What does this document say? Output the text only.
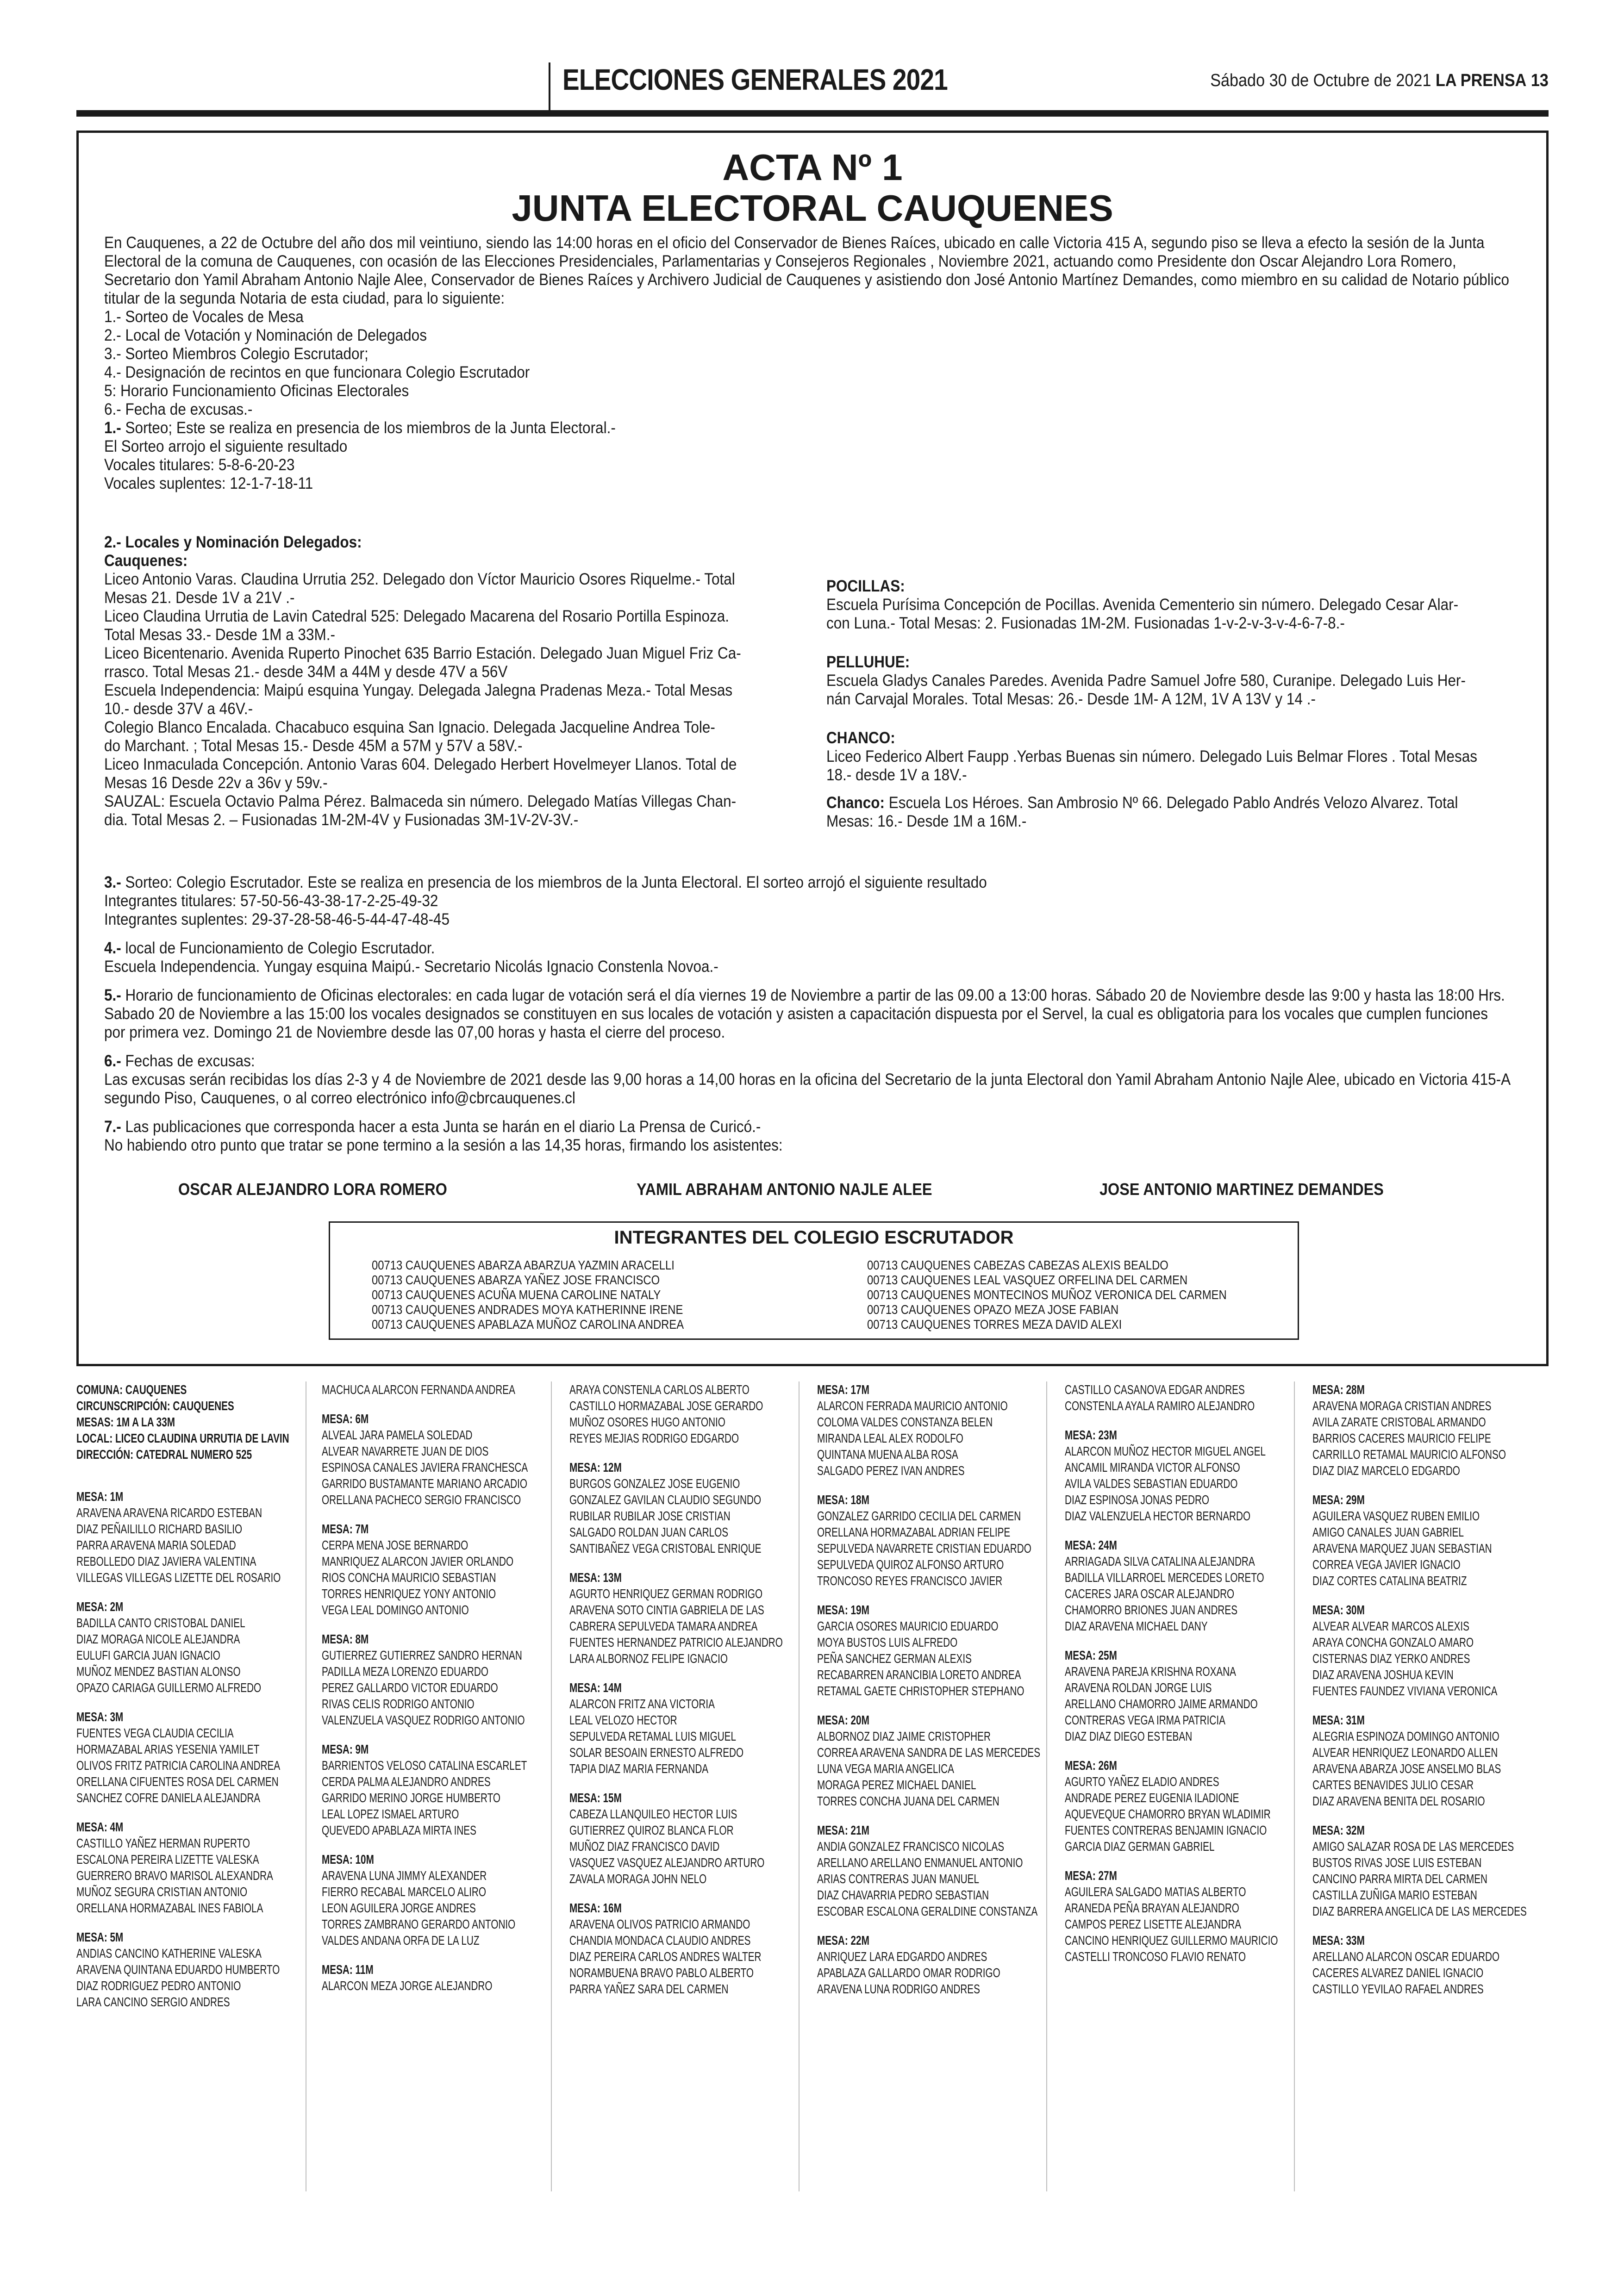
ELECCIONES GENERALES 2021	Sábado 30 de Octubre de 2021 LA PRENSA 13
ACTA Nº 1
JUNTA ELECTORAL CAUQUENES

En Cauquenes, a 22 de Octubre del año dos mil veintiuno, siendo las 14:00 horas en el oficio del Conservador de Bienes Raíces, ubicado en calle Victoria 415 A, segundo piso se lleva a efecto la sesión de la Junta Electoral de la comuna de Cauquenes, con ocasión de las Elecciones Presidenciales, Parlamentarias y Consejeros Regionales , Noviembre 2021, actuando como Presidente don Oscar Alejandro Lora Romero, Secretario don Yamil Abraham Antonio Najle Alee, Conservador de Bienes Raíces y Archivero Judicial de Cauquenes y asistiendo don José Antonio Martínez Demandes, como miembro en su calidad de Notario público titular de la segunda Notaria de esta ciudad, para lo siguiente:

1.- Sorteo de Vocales de Mesa

2.- Local de Votación y Nominación de Delegados

3.- Sorteo Miembros Colegio Escrutador;

4.- Designación de recintos en que funcionara Colegio Escrutador

5: Horario Funcionamiento Oficinas Electorales

6.- Fecha de excusas.-

1.- Sorteo; Este se realiza en presencia de los miembros de la Junta Electoral.-

El Sorteo arrojo el siguiente resultado

Vocales titulares: 5-8-6-20-23

Vocales suplentes: 12-1-7-18-11

2.- Locales y Nominación Delegados:

Cauquenes:

Liceo Antonio Varas. Claudina Urrutia 252. Delegado don Víctor Mauricio Osores Riquelme.- Total

Mesas 21. Desde 1V a 21V .-

Liceo Claudina Urrutia de Lavin Catedral 525: Delegado Macarena del Rosario Portilla Espinoza.

Total Mesas 33.- Desde 1M a 33M.-

Liceo Bicentenario. Avenida Ruperto Pinochet 635 Barrio Estación. Delegado Juan Miguel Friz Ca-

rrasco. Total Mesas 21.- desde 34M a 44M y desde 47V a 56V

Escuela Independencia: Maipú esquina Yungay. Delegada Jalegna Pradenas Meza.- Total Mesas

10.- desde 37V a 46V.-

Colegio Blanco Encalada. Chacabuco esquina San Ignacio. Delegada Jacqueline Andrea Tole-

do Marchant. ; Total Mesas 15.- Desde 45M a 57M y 57V a 58V.-

Liceo Inmaculada Concepción. Antonio Varas 604. Delegado Herbert Hovelmeyer Llanos. Total de

Mesas 16 Desde 22v a 36v y 59v.-

SAUZAL: Escuela Octavio Palma Pérez. Balmaceda sin número. Delegado Matías Villegas Chan-

dia. Total Mesas 2. – Fusionadas 1M-2M-4V y Fusionadas 3M-1V-2V-3V.-

POCILLAS:

Escuela Purísima Concepción de Pocillas. Avenida Cementerio sin número. Delegado Cesar Alar-

con Luna.- Total Mesas: 2. Fusionadas 1M-2M. Fusionadas 1-v-2-v-3-v-4-6-7-8.-

PELLUHUE:

Escuela Gladys Canales Paredes. Avenida Padre Samuel Jofre 580, Curanipe. Delegado Luis Her-

nán Carvajal Morales. Total Mesas: 26.- Desde 1M- A 12M, 1V A 13V y 14 .-

CHANCO:

Liceo Federico Albert Faupp .Yerbas Buenas sin número. Delegado Luis Belmar Flores . Total Mesas

18.- desde 1V a 18V.-

Chanco: Escuela Los Héroes. San Ambrosio Nº 66. Delegado Pablo Andrés Velozo Alvarez. Total

Mesas: 16.- Desde 1M a 16M.-

3.- Sorteo: Colegio Escrutador. Este se realiza en presencia de los miembros de la Junta Electoral. El sorteo arrojó el siguiente resultado

Integrantes titulares: 57-50-56-43-38-17-2-25-49-32

Integrantes suplentes: 29-37-28-58-46-5-44-47-48-45

4.- local de Funcionamiento de Colegio Escrutador.

Escuela Independencia. Yungay esquina Maipú.- Secretario Nicolás Ignacio Constenla Novoa.-

5.- Horario de funcionamiento de Oficinas electorales: en cada lugar de votación será el día viernes 19 de Noviembre a partir de las 09.00 a 13:00 horas. Sábado 20 de Noviembre desde las 9:00 y hasta las 18:00 Hrs. Sabado 20 de Noviembre a las 15:00 los vocales designados se constituyen en sus locales de votación y asisten a capacitación dispuesta por el Servel, la cual es obligatoria para los vocales que cumplen funciones por primera vez. Domingo 21 de Noviembre desde las 07,00 horas y hasta el cierre del proceso.

6.- Fechas de excusas:

Las excusas serán recibidas los días 2-3 y 4 de Noviembre de 2021 desde las 9,00 horas a 14,00 horas en la oficina del Secretario de la junta Electoral don Yamil Abraham Antonio Najle Alee, ubicado en Victoria 415-A segundo Piso, Cauquenes, o al correo electrónico info@cbrcauquenes.cl

7.- Las publicaciones que corresponda hacer a esta Junta se harán en el diario La Prensa de Curicó.-

No habiendo otro punto que tratar se pone termino a la sesión a las 14,35 horas, firmando los asistentes:

OSCAR ALEJANDRO LORA ROMERO	YAMIL ABRAHAM ANTONIO NAJLE ALEE	JOSE ANTONIO MARTINEZ DEMANDES
INTEGRANTES DEL COLEGIO ESCRUTADOR
00713 CAUQUENES ABARZA ABARZUA YAZMIN ARACELLI
00713 CAUQUENES ABARZA YAÑEZ JOSE FRANCISCO
00713 CAUQUENES ACUÑA MUENA CAROLINE NATALY
00713 CAUQUENES ANDRADES MOYA KATHERINNE IRENE
00713 CAUQUENES APABLAZA MUÑOZ CAROLINA ANDREA
00713 CAUQUENES CABEZAS CABEZAS ALEXIS BEALDO
00713 CAUQUENES LEAL VASQUEZ ORFELINA DEL CARMEN
00713 CAUQUENES MONTECINOS MUÑOZ VERONICA DEL CARMEN
00713 CAUQUENES OPAZO MEZA JOSE FABIAN
00713 CAUQUENES TORRES MEZA DAVID ALEXI
COMUNA: CAUQUENES
CIRCUNSCRIPCIÓN: CAUQUENES
MESAS: 1M A LA 33M
LOCAL: LICEO CLAUDINA URRUTIA DE LAVIN
DIRECCIÓN: CATEDRAL NUMERO 525
MESA: 1M
ARAVENA ARAVENA RICARDO ESTEBAN
DIAZ PEÑAILILLO RICHARD BASILIO
PARRA ARAVENA MARIA SOLEDAD
REBOLLEDO DIAZ JAVIERA VALENTINA
VILLEGAS VILLEGAS LIZETTE DEL ROSARIO
MESA: 2M
BADILLA CANTO CRISTOBAL DANIEL
DIAZ MORAGA NICOLE ALEJANDRA
EULUFI GARCIA JUAN IGNACIO
MUÑOZ MENDEZ BASTIAN ALONSO
OPAZO CARIAGA GUILLERMO ALFREDO
MESA: 3M
FUENTES VEGA CLAUDIA CECILIA
HORMAZABAL ARIAS YESENIA YAMILET
OLIVOS FRITZ PATRICIA CAROLINA ANDREA
ORELLANA CIFUENTES ROSA DEL CARMEN
SANCHEZ COFRE DANIELA ALEJANDRA
MESA: 4M
CASTILLO YAÑEZ HERMAN RUPERTO
ESCALONA PEREIRA LIZETTE VALESKA
GUERRERO BRAVO MARISOL ALEXANDRA
MUÑOZ SEGURA CRISTIAN ANTONIO
ORELLANA HORMAZABAL INES FABIOLA
MESA: 5M
ANDIAS CANCINO KATHERINE VALESKA
ARAVENA QUINTANA EDUARDO HUMBERTO
DIAZ RODRIGUEZ PEDRO ANTONIO
LARA CANCINO SERGIO ANDRES
MACHUCA ALARCON FERNANDA ANDREA
MESA: 6M
ALVEAL JARA PAMELA SOLEDAD
ALVEAR NAVARRETE JUAN DE DIOS
ESPINOSA CANALES JAVIERA FRANCHESCA
GARRIDO BUSTAMANTE MARIANO ARCADIO
ORELLANA PACHECO SERGIO FRANCISCO
MESA: 7M
CERPA MENA JOSE BERNARDO
MANRIQUEZ ALARCON JAVIER ORLANDO
RIOS CONCHA MAURICIO SEBASTIAN
TORRES HENRIQUEZ YONY ANTONIO
VEGA LEAL DOMINGO ANTONIO
MESA: 8M
GUTIERREZ GUTIERREZ SANDRO HERNAN
PADILLA MEZA LORENZO EDUARDO
PEREZ GALLARDO VICTOR EDUARDO
RIVAS CELIS RODRIGO ANTONIO
VALENZUELA VASQUEZ RODRIGO ANTONIO
MESA: 9M
BARRIENTOS VELOSO CATALINA ESCARLET
CERDA PALMA ALEJANDRO ANDRES
GARRIDO MERINO JORGE HUMBERTO
LEAL LOPEZ ISMAEL ARTURO
QUEVEDO APABLAZA MIRTA INES
MESA: 10M
ARAVENA LUNA JIMMY ALEXANDER
FIERRO RECABAL MARCELO ALIRO
LEON AGUILERA JORGE ANDRES
TORRES ZAMBRANO GERARDO ANTONIO
VALDES ANDANA ORFA DE LA LUZ
MESA: 11M
ALARCON MEZA JORGE ALEJANDRO
ARAYA CONSTENLA CARLOS ALBERTO
CASTILLO HORMAZABAL JOSE GERARDO
MUÑOZ OSORES HUGO ANTONIO
REYES MEJIAS RODRIGO EDGARDO
MESA: 12M
BURGOS GONZALEZ JOSE EUGENIO
GONZALEZ GAVILAN CLAUDIO SEGUNDO
RUBILAR RUBILAR JOSE CRISTIAN
SALGADO ROLDAN JUAN CARLOS
SANTIBAÑEZ VEGA CRISTOBAL ENRIQUE
MESA: 13M
AGURTO HENRIQUEZ GERMAN RODRIGO
ARAVENA SOTO CINTIA GABRIELA DE LAS
CABRERA SEPULVEDA TAMARA ANDREA
FUENTES HERNANDEZ PATRICIO ALEJANDRO
LARA ALBORNOZ FELIPE IGNACIO
MESA: 14M
ALARCON FRITZ ANA VICTORIA
LEAL VELOZO HECTOR
SEPULVEDA RETAMAL LUIS MIGUEL
SOLAR BESOAIN ERNESTO ALFREDO
TAPIA DIAZ MARIA FERNANDA
MESA: 15M
CABEZA LLANQUILEO HECTOR LUIS
GUTIERREZ QUIROZ BLANCA FLOR
MUÑOZ DIAZ FRANCISCO DAVID
VASQUEZ VASQUEZ ALEJANDRO ARTURO
ZAVALA MORAGA JOHN NELO
MESA: 16M
ARAVENA OLIVOS PATRICIO ARMANDO
CHANDIA MONDACA CLAUDIO ANDRES
DIAZ PEREIRA CARLOS ANDRES WALTER
NORAMBUENA BRAVO PABLO ALBERTO
PARRA YAÑEZ SARA DEL CARMEN
MESA: 17M
ALARCON FERRADA MAURICIO ANTONIO
COLOMA VALDES CONSTANZA BELEN
MIRANDA LEAL ALEX RODOLFO
QUINTANA MUENA ALBA ROSA
SALGADO PEREZ IVAN ANDRES
MESA: 18M
GONZALEZ GARRIDO CECILIA DEL CARMEN
ORELLANA HORMAZABAL ADRIAN FELIPE
SEPULVEDA NAVARRETE CRISTIAN EDUARDO
SEPULVEDA QUIROZ ALFONSO ARTURO
TRONCOSO REYES FRANCISCO JAVIER
MESA: 19M
GARCIA OSORES MAURICIO EDUARDO
MOYA BUSTOS LUIS ALFREDO
PEÑA SANCHEZ GERMAN ALEXIS
RECABARREN ARANCIBIA LORETO ANDREA
RETAMAL GAETE CHRISTOPHER STEPHANO
MESA: 20M
ALBORNOZ DIAZ JAIME CRISTOPHER
CORREA ARAVENA SANDRA DE LAS MERCEDES
LUNA VEGA MARIA ANGELICA
MORAGA PEREZ MICHAEL DANIEL
TORRES CONCHA JUANA DEL CARMEN
MESA: 21M
ANDIA GONZALEZ FRANCISCO NICOLAS
ARELLANO ARELLANO ENMANUEL ANTONIO
ARIAS CONTRERAS JUAN MANUEL
DIAZ CHAVARRIA PEDRO SEBASTIAN
ESCOBAR ESCALONA GERALDINE CONSTANZA
MESA: 22M
ANRIQUEZ LARA EDGARDO ANDRES
APABLAZA GALLARDO OMAR RODRIGO
ARAVENA LUNA RODRIGO ANDRES
CASTILLO CASANOVA EDGAR ANDRES
CONSTENLA AYALA RAMIRO ALEJANDRO
MESA: 23M
ALARCON MUÑOZ HECTOR MIGUEL ANGEL
ANCAMIL MIRANDA VICTOR ALFONSO
AVILA VALDES SEBASTIAN EDUARDO
DIAZ ESPINOSA JONAS PEDRO
DIAZ VALENZUELA HECTOR BERNARDO
MESA: 24M
ARRIAGADA SILVA CATALINA ALEJANDRA
BADILLA VILLARROEL MERCEDES LORETO
CACERES JARA OSCAR ALEJANDRO
CHAMORRO BRIONES JUAN ANDRES
DIAZ ARAVENA MICHAEL DANY
MESA: 25M
ARAVENA PAREJA KRISHNA ROXANA
ARAVENA ROLDAN JORGE LUIS
ARELLANO CHAMORRO JAIME ARMANDO
CONTRERAS VEGA IRMA PATRICIA
DIAZ DIAZ DIEGO ESTEBAN
MESA: 26M
AGURTO YAÑEZ ELADIO ANDRES
ANDRADE PEREZ EUGENIA ILADIONE
AQUEVEQUE CHAMORRO BRYAN WLADIMIR
FUENTES CONTRERAS BENJAMIN IGNACIO
GARCIA DIAZ GERMAN GABRIEL
MESA: 27M
AGUILERA SALGADO MATIAS ALBERTO
ARANEDA PEÑA BRAYAN ALEJANDRO
CAMPOS PEREZ LISETTE ALEJANDRA
CANCINO HENRIQUEZ GUILLERMO MAURICIO
CASTELLI TRONCOSO FLAVIO RENATO
MESA: 28M
ARAVENA MORAGA CRISTIAN ANDRES
AVILA ZARATE CRISTOBAL ARMANDO
BARRIOS CACERES MAURICIO FELIPE
CARRILLO RETAMAL MAURICIO ALFONSO
DIAZ DIAZ MARCELO EDGARDO
MESA: 29M
AGUILERA VASQUEZ RUBEN EMILIO
AMIGO CANALES JUAN GABRIEL
ARAVENA MARQUEZ JUAN SEBASTIAN
CORREA VEGA JAVIER IGNACIO
DIAZ CORTES CATALINA BEATRIZ
MESA: 30M
ALVEAR ALVEAR MARCOS ALEXIS
ARAYA CONCHA GONZALO AMARO
CISTERNAS DIAZ YERKO ANDRES
DIAZ ARAVENA JOSHUA KEVIN
FUENTES FAUNDEZ VIVIANA VERONICA
MESA: 31M
ALEGRIA ESPINOZA DOMINGO ANTONIO
ALVEAR HENRIQUEZ LEONARDO ALLEN
ARAVENA ABARZA JOSE ANSELMO BLAS
CARTES BENAVIDES JULIO CESAR
DIAZ ARAVENA BENITA DEL ROSARIO
MESA: 32M
AMIGO SALAZAR ROSA DE LAS MERCEDES
BUSTOS RIVAS JOSE LUIS ESTEBAN
CANCINO PARRA MIRTA DEL CARMEN
CASTILLA ZUÑIGA MARIO ESTEBAN
DIAZ BARRERA ANGELICA DE LAS MERCEDES
MESA: 33M
ARELLANO ALARCON OSCAR EDUARDO
CACERES ALVAREZ DANIEL IGNACIO
CASTILLO YEVILAO RAFAEL ANDRES
